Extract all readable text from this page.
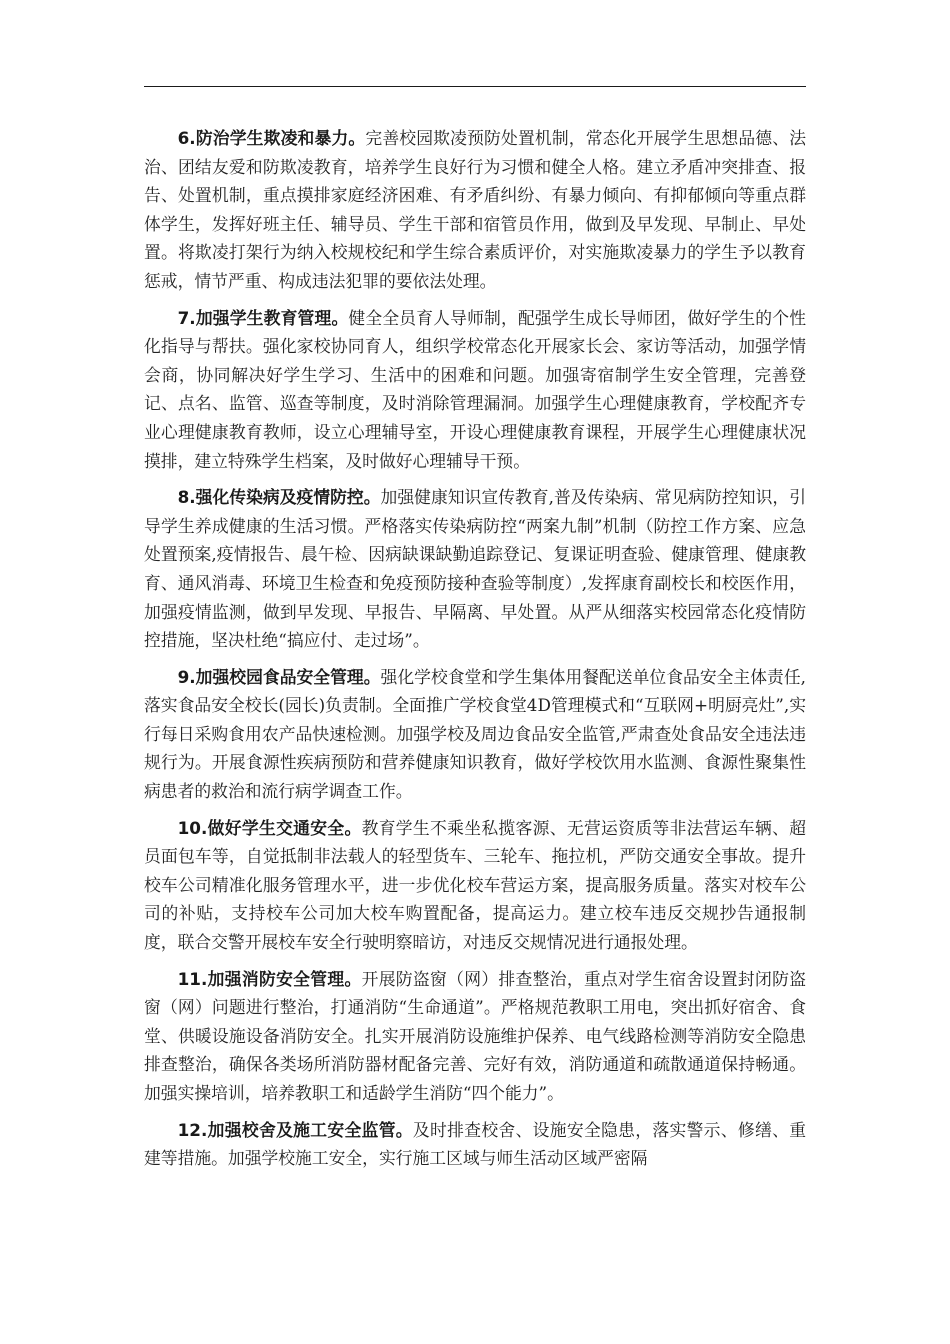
6.防治学生欺凌和暴力。完善校园欺凌预防处置机制，常态化开展学生思想品德、法治、团结友爱和防欺凌教育，培养学生良好行为习惯和健全人格。建立矛盾冲突排查、报告、处置机制，重点摸排家庭经济困难、有矛盾纠纷、有暴力倾向、有抑郁倾向等重点群体学生，发挥好班主任、辅导员、学生干部和宿管员作用，做到及早发现、早制止、早处置。将欺凌打架行为纳入校规校纪和学生综合素质评价，对实施欺凌暴力的学生予以教育惩戒，情节严重、构成违法犯罪的要依法处理。

7.加强学生教育管理。健全全员育人导师制，配强学生成长导师团，做好学生的个性化指导与帮扶。强化家校协同育人，组织学校常态化开展家长会、家访等活动，加强学情会商，协同解决好学生学习、生活中的困难和问题。加强寄宿制学生安全管理，完善登记、点名、监管、巡查等制度，及时消除管理漏洞。加强学生心理健康教育，学校配齐专业心理健康教育教师，设立心理辅导室，开设心理健康教育课程，开展学生心理健康状况摸排，建立特殊学生档案，及时做好心理辅导干预。

8.强化传染病及疫情防控。加强健康知识宣传教育,普及传染病、常见病防控知识，引导学生养成健康的生活习惯。严格落实传染病防控“两案九制”机制（防控工作方案、应急处置预案,疫情报告、晨午检、因病缺课缺勤追踪登记、复课证明查验、健康管理、健康教育、通风消毒、环境卫生检查和免疫预防接种查验等制度）,发挥康育副校长和校医作用，加强疫情监测，做到早发现、早报告、早隔离、早处置。从严从细落实校园常态化疫情防控措施，坚决杜绝“搞应付、走过场”。

9.加强校园食品安全管理。强化学校食堂和学生集体用餐配送单位食品安全主体责任,落实食品安全校长(园长)负责制。全面推广学校食堂4D管理模式和“互联网+明厨亮灶”,实行每日采购食用农产品快速检测。加强学校及周边食品安全监管,严肃查处食品安全违法违规行为。开展食源性疾病预防和营养健康知识教育，做好学校饮用水监测、食源性聚集性病患者的救治和流行病学调查工作。

10.做好学生交通安全。教育学生不乘坐私揽客源、无营运资质等非法营运车辆、超员面包车等，自觉抵制非法载人的轻型货车、三轮车、拖拉机，严防交通安全事故。提升校车公司精准化服务管理水平，进一步优化校车营运方案，提高服务质量。落实对校车公司的补贴，支持校车公司加大校车购置配备，提高运力。建立校车违反交规抄告通报制度，联合交警开展校车安全行驶明察暗访，对违反交规情况进行通报处理。

11.加强消防安全管理。开展防盗窗（网）排查整治，重点对学生宿舍设置封闭防盗窗（网）问题进行整治，打通消防“生命通道”。严格规范教职工用电，突出抓好宿舍、食堂、供暖设施设备消防安全。扎实开展消防设施维护保养、电气线路检测等消防安全隐患排查整治，确保各类场所消防器材配备完善、完好有效，消防通道和疏散通道保持畅通。加强实操培训，培养教职工和适龄学生消防“四个能力”。

12.加强校舍及施工安全监管。及时排查校舍、设施安全隐患，落实警示、修缮、重建等措施。加强学校施工安全，实行施工区域与师生活动区域严密隔
